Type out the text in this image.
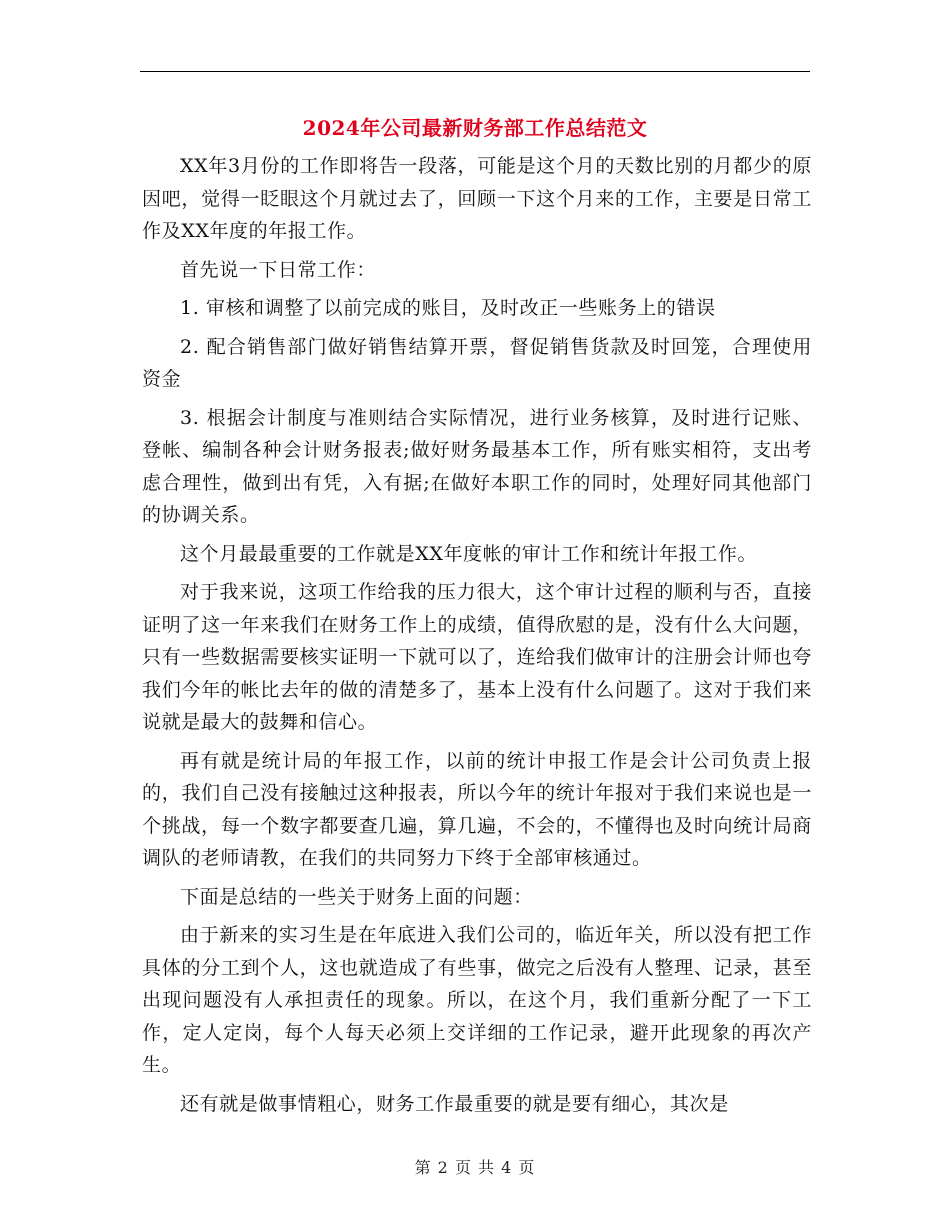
2024年公司最新财务部工作总结范文

XX年3月份的工作即将告一段落，可能是这个月的天数比别的月都少的原因吧，觉得一眨眼这个月就过去了，回顾一下这个月来的工作，主要是日常工作及XX年度的年报工作。

首先说一下日常工作：

1. 审核和调整了以前完成的账目，及时改正一些账务上的错误

2. 配合销售部门做好销售结算开票，督促销售货款及时回笼，合理使用资金

3. 根据会计制度与准则结合实际情况，进行业务核算，及时进行记账、登帐、编制各种会计财务报表;做好财务最基本工作，所有账实相符，支出考虑合理性，做到出有凭，入有据;在做好本职工作的同时，处理好同其他部门的协调关系。

这个月最最重要的工作就是XX年度帐的审计工作和统计年报工作。

对于我来说，这项工作给我的压力很大，这个审计过程的顺利与否，直接证明了这一年来我们在财务工作上的成绩，值得欣慰的是，没有什么大问题，只有一些数据需要核实证明一下就可以了，连给我们做审计的注册会计师也夸我们今年的帐比去年的做的清楚多了，基本上没有什么问题了。这对于我们来说就是最大的鼓舞和信心。

再有就是统计局的年报工作，以前的统计申报工作是会计公司负责上报的，我们自己没有接触过这种报表，所以今年的统计年报对于我们来说也是一个挑战，每一个数字都要查几遍，算几遍，不会的，不懂得也及时向统计局商调队的老师请教，在我们的共同努力下终于全部审核通过。

下面是总结的一些关于财务上面的问题：

由于新来的实习生是在年底进入我们公司的，临近年关，所以没有把工作具体的分工到个人，这也就造成了有些事，做完之后没有人整理、记录，甚至出现问题没有人承担责任的现象。所以，在这个月，我们重新分配了一下工作，定人定岗，每个人每天必须上交详细的工作记录，避开此现象的再次产生。

还有就是做事情粗心，财务工作最重要的就是要有细心，其次是

第 2 页 共 4 页
